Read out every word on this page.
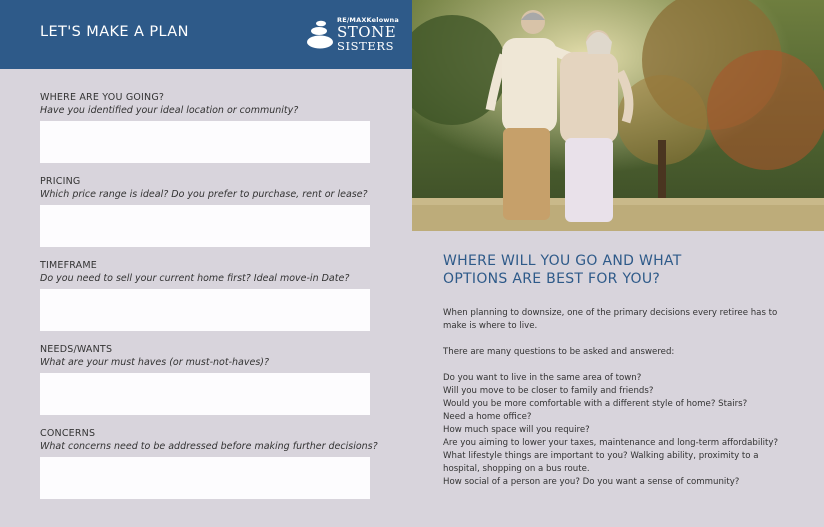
LET'S MAKE A PLAN
RE/MAXKelowna
STONE
SISTERS
WHERE ARE YOU GOING?
Have you identified your ideal location or community?
PRICING
Which price range is ideal? Do you prefer to purchase, rent or lease?
TIMEFRAME
Do you need to sell your current home first? Ideal move-in Date?
NEEDS/WANTS
What are your must haves (or must-not-haves)?
CONCERNS
What concerns need to be addressed before making further decisions?
WHERE WILL YOU GO AND WHAT
OPTIONS ARE BEST FOR YOU?
When planning to downsize, one of the primary decisions every retiree has to make is where to live.
There are many questions to be asked and answered:
Do you want to live in the same area of town?
Will you move to be closer to family and friends?
Would you be more comfortable with a different style of home? Stairs?
Need a home office?
How much space will you require?
Are you aiming to lower your taxes, maintenance and long-term affordability?
What lifestyle things are important to you? Walking ability, proximity to a hospital, shopping on a bus route.
How social of a person are you? Do you want a sense of community?
